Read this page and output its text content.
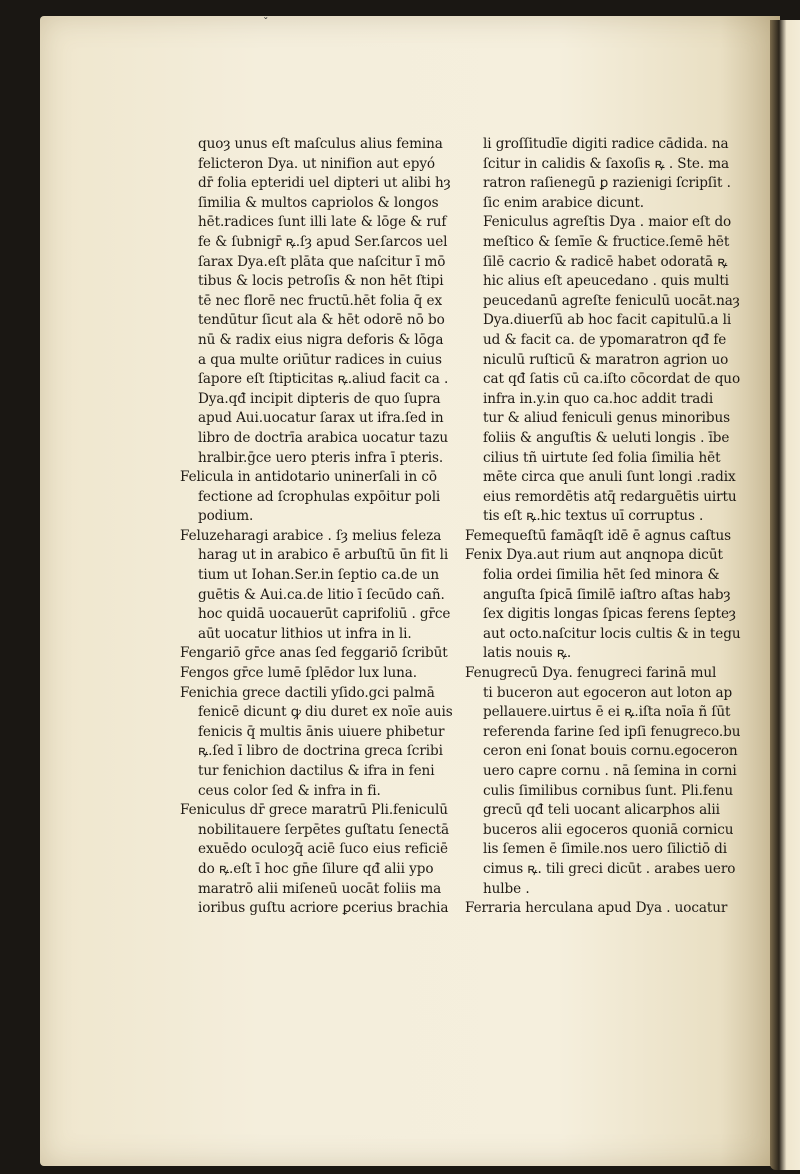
ˇ
quoȝ unus eſt maſculus alius femina
felicteron Dya. ut ninifion aut epyó
dr̄ folia epteridi uel dipteri ut alibi hȝ
ſimilia & multos capriolos & longos
hēt.radices ſunt illi late & lōge & ruf
fe & ſubnigr̄ ꝶ.ſȝ apud Ser.ſarcos uel
ſarax Dya.eſt plāta que naſcitur ī mō
tibus & locis petroſis & non hēt ſtipi
tē nec florē nec fructū.hēt folia q̄ ex
tendūtur ſicut ala & hēt odorē nō bo
nū & radix eius nigra deforis & lōga
a qua multe oriūtur radices in cuius
ſapore eſt ſtipticitas ꝶ.aliud facit ca .
Dya.qđ incipit dipteris de quo ſupra
apud Aui.uocatur ſarax ut ifra.ſed in
libro de doctrīa arabica uocatur tazu
hralbir.ḡce uero pteris infra ī pteris.
Felicula in antidotario uninerſali in cō
fectione ad ſcrophulas expōitur poli
podium.
Feluzeharagi arabice . ſȝ melius feleza
harag ut in arabico ē arbuſtū ūn fit li
tium ut Iohan.Ser.in ſeptio ca.de un
guētis & Aui.ca.de litio ī ſecūdo cañ.
hoc quidā uocauerūt caprifoliū . gr̄ce
aūt uocatur lithios ut infra in li.
Fengariō gr̄ce anas ſed feggariō ſcribūt
Fengos gr̄ce lumē ſplēdor lux luna.
Fenichia grece dactili yſido.gci palmā
fenicē dicunt ꝙ diu duret ex noīe auis
fenicis q̄ multis ānis uiuere phibetur
ꝶ.ſed ī libro de doctrina greca ſcribi
tur fenichion dactilus & ifra in feni
ceus color ſed & infra in fi.
Feniculus dr̄ grece maratrū Pli.feniculū
nobilitauere ſerpētes guſtatu ſenectā
exuēdo oculoȝq̄ aciē ſuco eius reficiē
do ꝶ.eſt ī hoc gn̄e ſilure qđ alii ypo
maratrō alii miſeneū uocāt foliis ma
ioribus guſtu acriore ꝑcerius brachia
li groſſitudīe digiti radice cādida. na
ſcitur in calidis & ſaxoſis ꝶ . Ste. ma
ratron raſienegū ꝑ razienigi ſcripſit .
ſic enim arabice dicunt.
Feniculus agreſtis Dya . maior eſt do
meſtico & ſemīe & fructice.ſemē hēt
ſilē cacrio & radicē habet odoratā ꝶ
hic alius eſt apeucedano . quis multi
peucedanū agreſte feniculū uocāt.naȝ
Dya.diuerſū ab hoc facit capitulū.a li
ud & facit ca. de ypomaratron qđ fe
niculū ruſticū & maratron agrion uo
cat qđ ſatis cū ca.iſto cōcordat de quo
infra in.y.in quo ca.hoc addit tradi
tur & aliud feniculi genus minoribus
foliis & anguſtis & ueluti longis . ībe
cilius tñ uirtute ſed folia ſimilia hēt
mēte circa que anuli ſunt longi .radix
eius remordētis atq̄ redarguētis uirtu
tis eſt ꝶ.hic textus uī corruptus .
Femequeſtū famāqſt idē ē agnus caſtus
Fenix Dya.aut rium aut anqnopa dicūt
folia ordei ſimilia hēt ſed minora &
anguſta ſpicā ſimilē iaſtro aſtas habȝ
ſex digitis longas ſpicas ferens ſepteȝ
aut octo.naſcitur locis cultis & in tegu
latis nouis ꝶ.
Fenugrecū Dya. fenugreci farinā mul
ti buceron aut egoceron aut loton ap
pellauere.uirtus ē ei ꝶ.iſta noīa ñ ſūt
referenda farine ſed ipſi fenugreco.bu
ceron eni ſonat bouis cornu.egoceron
uero capre cornu . nā ſemina in corni
culis ſimilibus cornibus ſunt. Pli.fenu
grecū qđ teli uocant alicarphos alii
buceros alii egoceros quoniā cornicu
lis ſemen ē ſimile.nos uero ſilictiō di
cimus ꝶ. tili greci dicūt . arabes uero
hulbe .
Ferraria herculana apud Dya . uocatur
